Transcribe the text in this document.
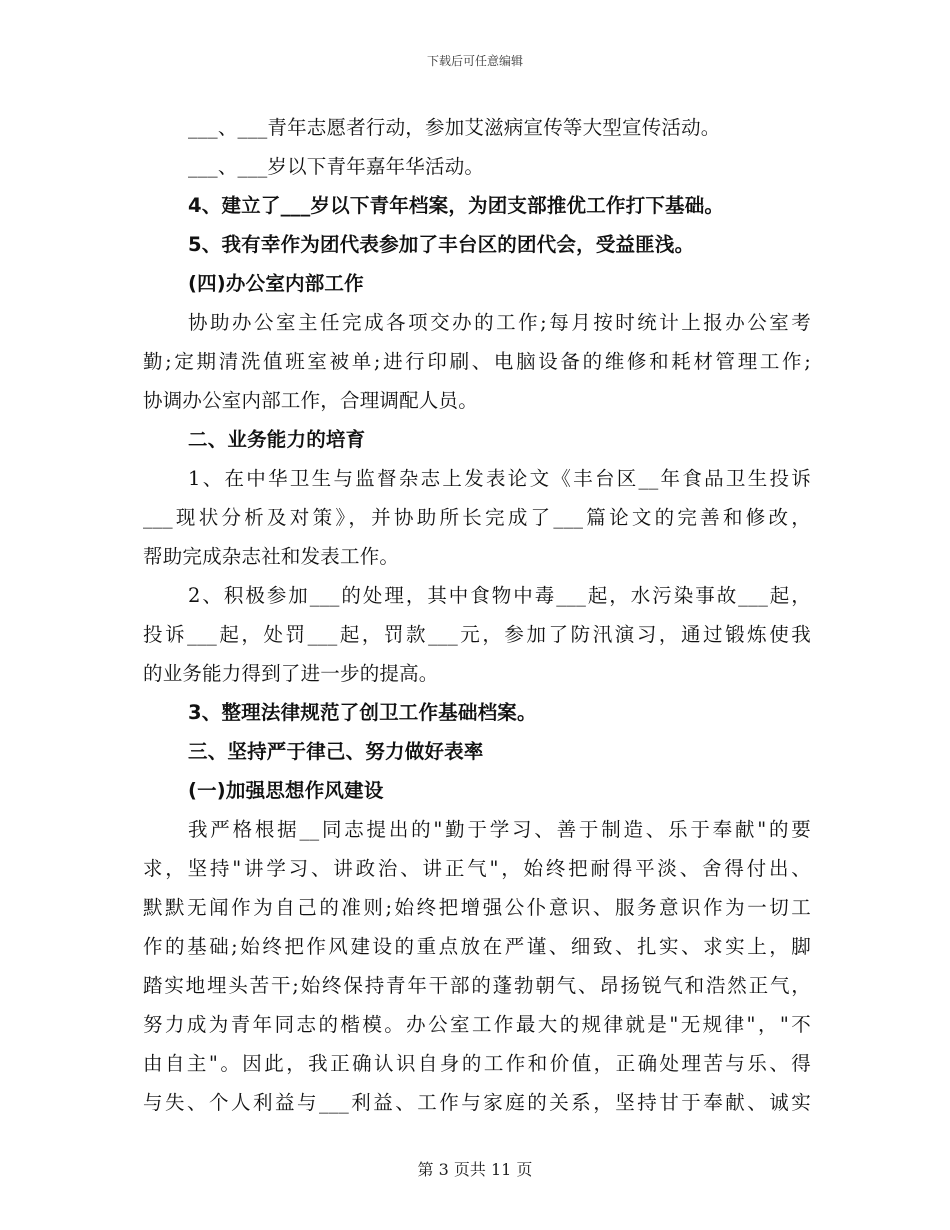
下载后可任意编辑
___、___青年志愿者行动，参加艾滋病宣传等大型宣传活动。
___、___岁以下青年嘉年华活动。
4、建立了___岁以下青年档案，为团支部推优工作打下基础。
5、我有幸作为团代表参加了丰台区的团代会，受益匪浅。
(四)办公室内部工作
协助办公室主任完成各项交办的工作;每月按时统计上报办公室考
勤;定期清洗值班室被单;进行印刷、电脑设备的维修和耗材管理工作;
协调办公室内部工作，合理调配人员。
二、业务能力的培育
1、在中华卫生与监督杂志上发表论文《丰台区__年食品卫生投诉
___现状分析及对策》，并协助所长完成了___篇论文的完善和修改，
帮助完成杂志社和发表工作。
2、积极参加___的处理，其中食物中毒___起，水污染事故___起，
投诉___起，处罚___起，罚款___元，参加了防汛演习，通过锻炼使我
的业务能力得到了进一步的提高。
3、整理法律规范了创卫工作基础档案。
三、坚持严于律己、努力做好表率
(一)加强思想作风建设
我严格根据__同志提出的"勤于学习、善于制造、乐于奉献"的要
求，坚持"讲学习、讲政治、讲正气"，始终把耐得平淡、舍得付出、
默默无闻作为自己的准则;始终把增强公仆意识、服务意识作为一切工
作的基础;始终把作风建设的重点放在严谨、细致、扎实、求实上，脚
踏实地埋头苦干;始终保持青年干部的蓬勃朝气、昂扬锐气和浩然正气，
努力成为青年同志的楷模。办公室工作最大的规律就是"无规律"，"不
由自主"。因此，我正确认识自身的工作和价值，正确处理苦与乐、得
与失、个人利益与___利益、工作与家庭的关系，坚持甘于奉献、诚实
第 3 页共 11 页
